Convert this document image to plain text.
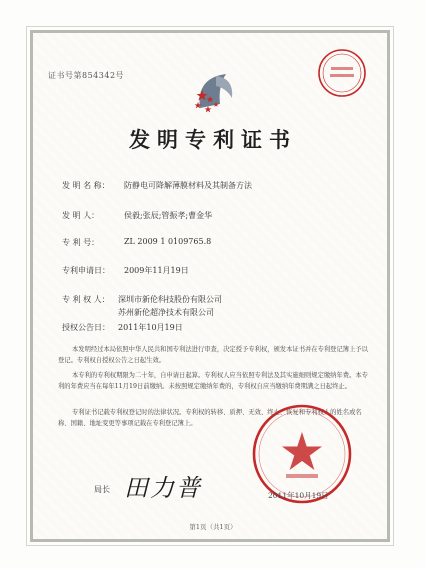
证书号第854342号
发明专利证书
发 明 名 称： 防静电可降解薄膜材料及其制备方法
发 明 人：	侯毅;张辰;管振孝;曹金华
专 利 号：	ZL 2009 1 0109765.8
专利申请日： 2009年11月19日
专 利 权 人： 深圳市新伦科技股份有限公司
苏州新伦超净技术有限公司
授权公告日： 2011年10月19日
本发明经过本局依照中华人民共和国专利法进行审查，决定授予专利权，颁发本证书并在专利登记簿上予以登记。专利权自授权公告之日起生效。
本专利的专利权期限为二十年，自申请日起算。专利权人应当依照专利法及其实施细则规定缴纳年费。本专利的年费应当在每年11月19日前缴纳。未按照规定缴纳年费的，专利权自应当缴纳年费期满之日起终止。
专利证书记载专利权登记时的法律状况。专利权的转移、质押、无效、终止、恢复和专利权人的姓名或名称、国籍、地址变更等事项记载在专利登记簿上。
局长 田力普	2011年10月19日
第1页（共1页）
